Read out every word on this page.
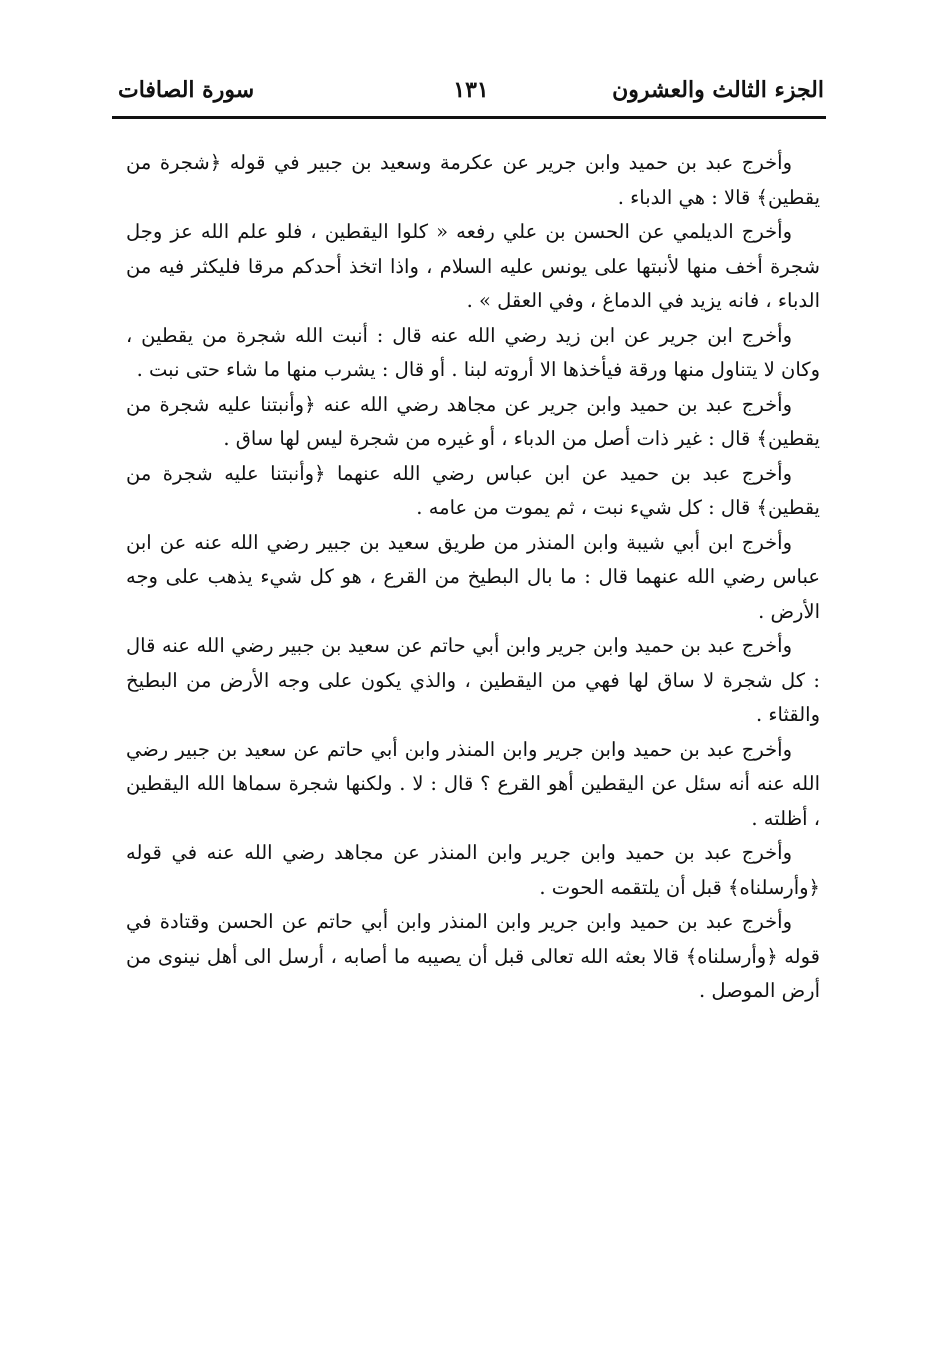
الجزء الثالث والعشرون
١٣١
سورة الصافات

وأخرج عبد بن حميد وابن جرير عن عكرمة وسعيد بن جبير في قوله ﴿شجرة من يقطين﴾ قالا : هي الدباء .

وأخرج الديلمي عن الحسن بن علي رفعه « كلوا اليقطين ، فلو علم الله عز وجل شجرة أخف منها لأنبتها على يونس عليه السلام ، واذا اتخذ أحدكم مرقا فليكثر فيه من الدباء ، فانه يزيد في الدماغ ، وفي العقل » .

وأخرج ابن جرير عن ابن زيد رضي الله عنه قال : أنبت الله شجرة من يقطين ، وكان لا يتناول منها ورقة فيأخذها الا أروته لبنا . أو قال : يشرب منها ما شاء حتى نبت .

وأخرج عبد بن حميد وابن جرير عن مجاهد رضي الله عنه ﴿وأنبتنا عليه شجرة من يقطين﴾ قال : غير ذات أصل من الدباء ، أو غيره من شجرة ليس لها ساق .

وأخرج عبد بن حميد عن ابن عباس رضي الله عنهما ﴿وأنبتنا عليه شجرة من يقطين﴾ قال : كل شيء نبت ، ثم يموت من عامه .

وأخرج ابن أبي شيبة وابن المنذر من طريق سعيد بن جبير رضي الله عنه عن ابن عباس رضي الله عنهما قال : ما بال البطيخ من القرع ، هو كل شيء يذهب على وجه الأرض .

وأخرج عبد بن حميد وابن جرير وابن أبي حاتم عن سعيد بن جبير رضي الله عنه قال : كل شجرة لا ساق لها فهي من اليقطين ، والذي يكون على وجه الأرض من البطيخ والقثاء .

وأخرج عبد بن حميد وابن جرير وابن المنذر وابن أبي حاتم عن سعيد بن جبير رضي الله عنه أنه سئل عن اليقطين أهو القرع ؟ قال : لا . ولكنها شجرة سماها الله اليقطين ، أظلته .

وأخرج عبد بن حميد وابن جرير وابن المنذر عن مجاهد رضي الله عنه في قوله ﴿وأرسلناه﴾ قبل أن يلتقمه الحوت .

وأخرج عبد بن حميد وابن جرير وابن المنذر وابن أبي حاتم عن الحسن وقتادة في قوله ﴿وأرسلناه﴾ قالا بعثه الله تعالى قبل أن يصيبه ما أصابه ، أرسل الى أهل نينوى من أرض الموصل .
